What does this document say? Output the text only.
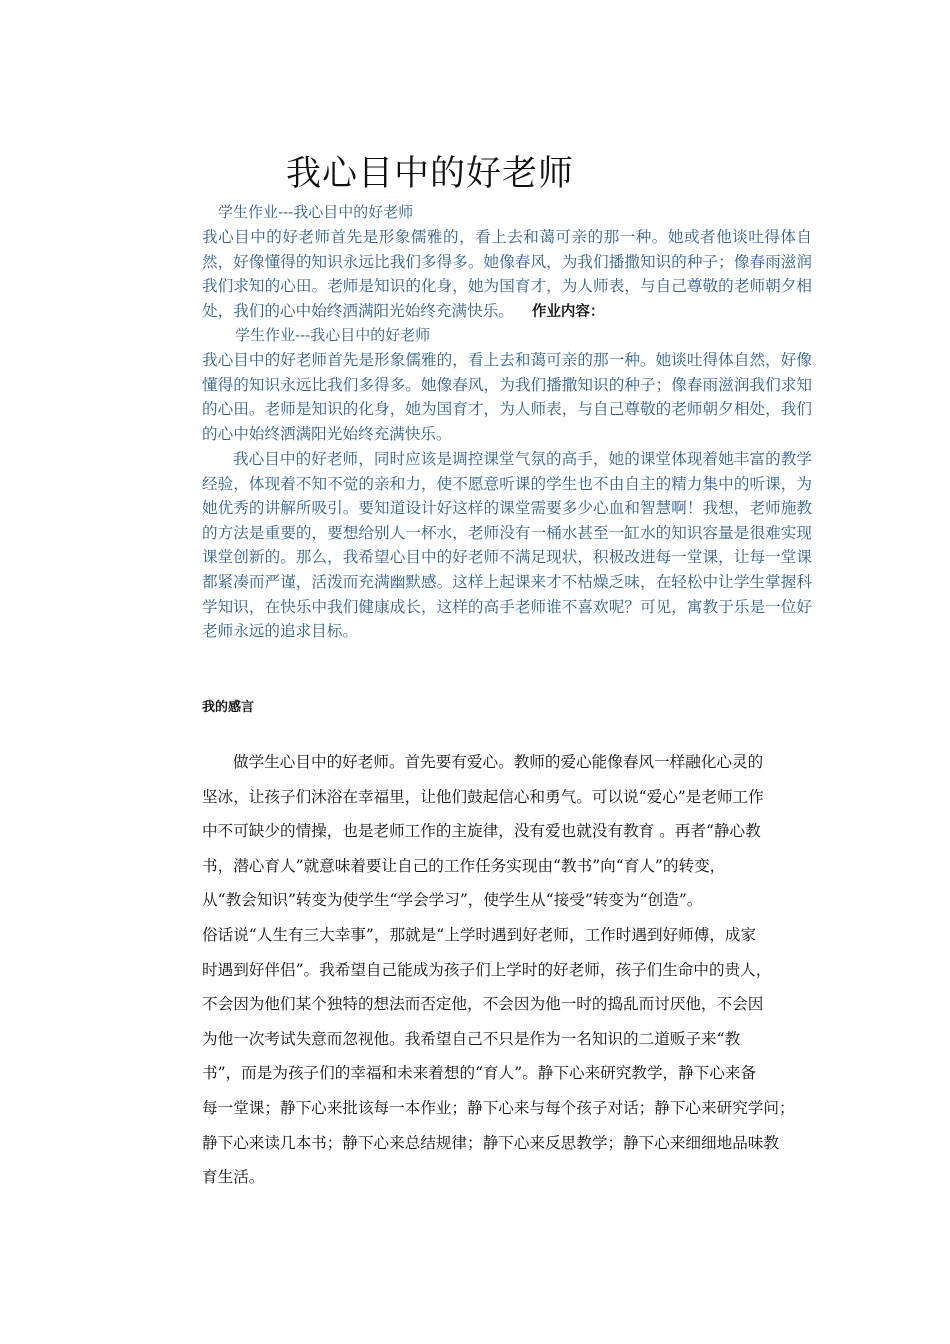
我心目中的好老师
学生作业---我心目中的好老师

我心目中的好老师首先是形象儒雅的，看上去和蔼可亲的那一种。她或者他谈吐得体自然，好像懂得的知识永远比我们多得多。她像春风，为我们播撒知识的种子；像春雨滋润我们求知的心田。老师是知识的化身，她为国育才，为人师表，与自己尊敬的老师朝夕相处，我们的心中始终洒满阳光始终充满快乐。 作业内容：

学生作业---我心目中的好老师

我心目中的好老师首先是形象儒雅的，看上去和蔼可亲的那一种。她谈吐得体自然，好像懂得的知识永远比我们多得多。她像春风，为我们播撒知识的种子；像春雨滋润我们求知的心田。老师是知识的化身，她为国育才，为人师表，与自己尊敬的老师朝夕相处，我们的心中始终洒满阳光始终充满快乐。

我心目中的好老师，同时应该是调控课堂气氛的高手，她的课堂体现着她丰富的教学经验，体现着不知不觉的亲和力，使不愿意听课的学生也不由自主的精力集中的听课，为她优秀的讲解所吸引。要知道设计好这样的课堂需要多少心血和智慧啊！我想，老师施教的方法是重要的，要想给别人一杯水，老师没有一桶水甚至一缸水的知识容量是很难实现课堂创新的。那么，我希望心目中的好老师不满足现状，积极改进每一堂课，让每一堂课都紧凑而严谨，活泼而充满幽默感。这样上起课来才不枯燥乏味，在轻松中让学生掌握科学知识，在快乐中我们健康成长，这样的高手老师谁不喜欢呢？可见，寓教于乐是一位好老师永远的追求目标。

我的感言
做学生心目中的好老师。首先要有爱心。教师的爱心能像春风一样融化心灵的
坚冰，让孩子们沐浴在幸福里，让他们鼓起信心和勇气。可以说“爱心”是老师工作
中不可缺少的情操，也是老师工作的主旋律，没有爱也就没有教育 。再者“静心教
书，潜心育人”就意味着要让自己的工作任务实现由“教书”向“育人”的转变，
从“教会知识”转变为使学生“学会学习”，使学生从“接受”转变为“创造”。
俗话说“人生有三大幸事”，那就是“上学时遇到好老师，工作时遇到好师傅，成家
时遇到好伴侣”。我希望自己能成为孩子们上学时的好老师，孩子们生命中的贵人，
不会因为他们某个独特的想法而否定他，不会因为他一时的捣乱而讨厌他，不会因
为他一次考试失意而忽视他。我希望自己不只是作为一名知识的二道贩子来“教
书”，而是为孩子们的幸福和未来着想的“育人”。静下心来研究教学，静下心来备
每一堂课；静下心来批该每一本作业；静下心来与每个孩子对话；静下心来研究学问；
静下心来读几本书；静下心来总结规律；静下心来反思教学；静下心来细细地品味教
育生活。
